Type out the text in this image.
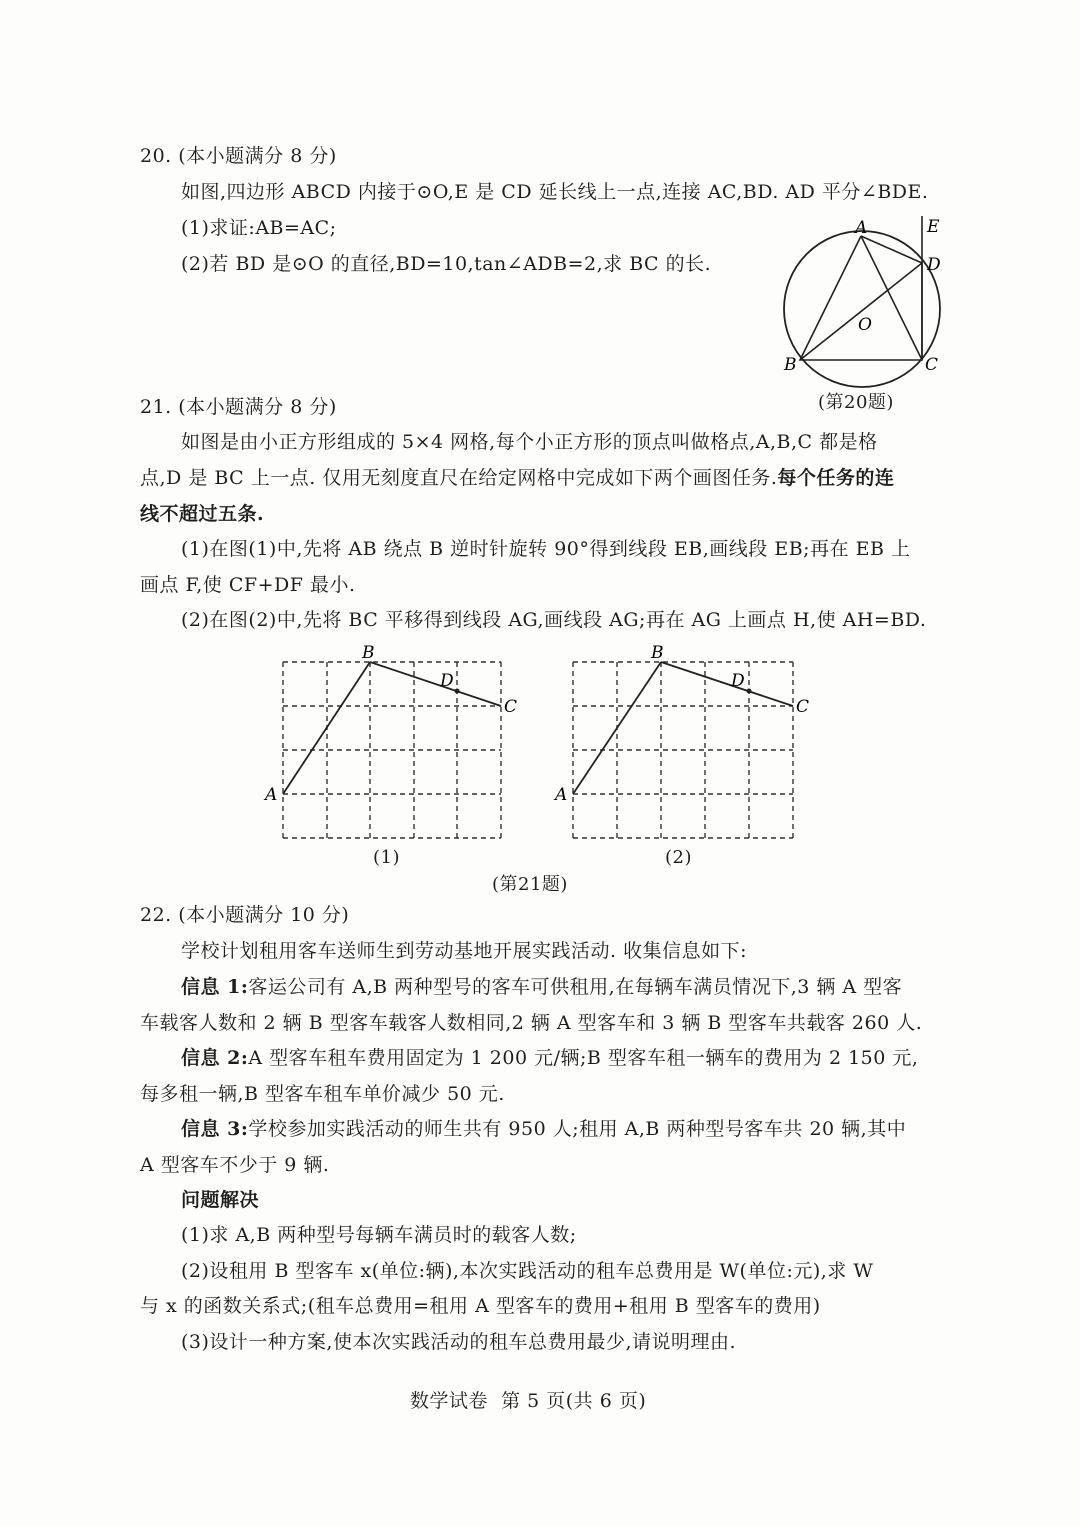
20. (本小题满分 8 分)
如图,四边形 ABCD 内接于⊙O,E 是 CD 延长线上一点,连接 AC,BD. AD 平分∠BDE.
(1)求证:AB=AC;
(2)若 BD 是⊙O 的直径,BD=10,tan∠ADB=2,求 BC 的长.
A	E
D
O
B	C
(第20题)
21. (本小题满分 8 分)
如图是由小正方形组成的 5×4 网格,每个小正方形的顶点叫做格点,A,B,C 都是格
点,D 是 BC 上一点. 仅用无刻度直尺在给定网格中完成如下两个画图任务.每个任务的连
线不超过五条.
(1)在图(1)中,先将 AB 绕点 B 逆时针旋转 90°得到线段 EB,画线段 EB;再在 EB 上
画点 F,使 CF+DF 最小.
(2)在图(2)中,先将 BC 平移得到线段 AG,画线段 AG;再在 AG 上画点 H,使 AH=BD.
B
D
C
A
B
D
C
A
(1)	(2)
(第21题)
22. (本小题满分 10 分)
学校计划租用客车送师生到劳动基地开展实践活动. 收集信息如下:
信息 1:客运公司有 A,B 两种型号的客车可供租用,在每辆车满员情况下,3 辆 A 型客
车载客人数和 2 辆 B 型客车载客人数相同,2 辆 A 型客车和 3 辆 B 型客车共载客 260 人.
信息 2:A 型客车租车费用固定为 1 200 元/辆;B 型客车租一辆车的费用为 2 150 元,
每多租一辆,B 型客车租车单价减少 50 元.
信息 3:学校参加实践活动的师生共有 950 人;租用 A,B 两种型号客车共 20 辆,其中
A 型客车不少于 9 辆.
问题解决
(1)求 A,B 两种型号每辆车满员时的载客人数;
(2)设租用 B 型客车 x(单位:辆),本次实践活动的租车总费用是 W(单位:元),求 W
与 x 的函数关系式;(租车总费用=租用 A 型客车的费用+租用 B 型客车的费用)
(3)设计一种方案,使本次实践活动的租车总费用最少,请说明理由.
数学试卷  第 5 页(共 6 页)
